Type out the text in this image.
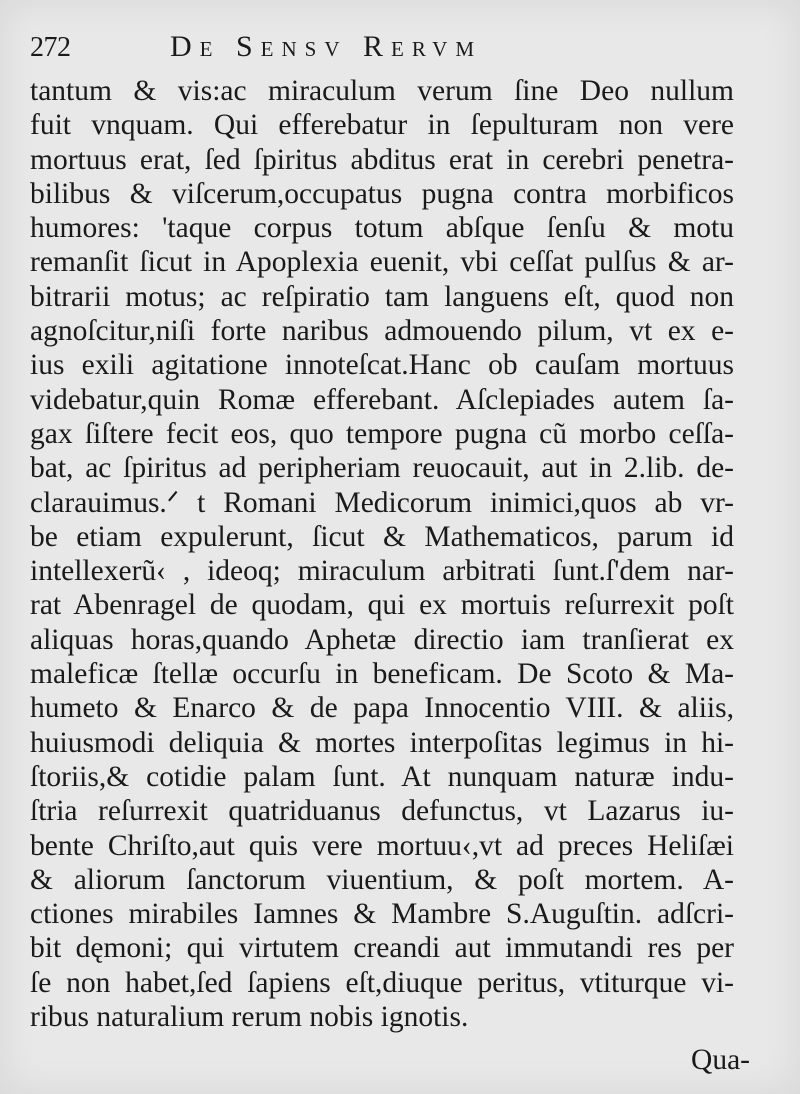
272	De Sensv Rervm
tantum & vis:ac miraculum verum ſine Deo nullum
fuit vnquam. Qui efferebatur in ſepulturam non vere
mortuus erat, ſed ſpiritus abditus erat in cerebri penetra-
bilibus & viſcerum,occupatus pugna contra morbificos
humores: 'taque corpus totum abſque ſenſu & motu
remanſit ſicut in Apoplexia euenit, vbi ceſſat pulſus & ar-
bitrarii motus; ac reſpiratio tam languens eſt, quod non
agnoſcitur,niſi forte naribus admouendo pilum, vt ex e-
ius exili agitatione innoteſcat.Hanc ob cauſam mortuus
videbatur,quin Romæ efferebant. Aſclepiades autem ſa-
gax ſiſtere fecit eos, quo tempore pugna cũ morbo ceſſa-
bat, ac ſpiritus ad peripheriam reuocauit, aut in 2.lib. de-
clarauimus.ᐟ t Romani Medicorum inimici,quos ab vr-
be etiam expulerunt, ſicut & Mathematicos, parum id
intellexerũ‹ , ideoq; miraculum arbitrati ſunt.ſ'dem nar-
rat Abenragel de quodam, qui ex mortuis reſurrexit poſt
aliquas horas,quando Aphetæ directio iam tranſierat ex
maleficæ ſtellæ occurſu in beneficam. De Scoto & Ma-
humeto & Enarco & de papa Innocentio VIII. & aliis,
huiusmodi deliquia & mortes interpoſitas legimus in hi-
ſtoriis,& cotidie palam ſunt. At nunquam naturæ indu-
ſtria reſurrexit quatriduanus defunctus, vt Lazarus iu-
bente Chriſto,aut quis vere mortuu‹,vt ad preces Heliſæi
& aliorum ſanctorum viuentium, & poſt mortem. A-
ctiones mirabiles Iamnes & Mambre S.Auguſtin. adſcri-
bit dęmoni; qui virtutem creandi aut immutandi res per
ſe non habet,ſed ſapiens eſt,diuque peritus, vtiturque vi-
ribus naturalium rerum nobis ignotis.
Qua-
